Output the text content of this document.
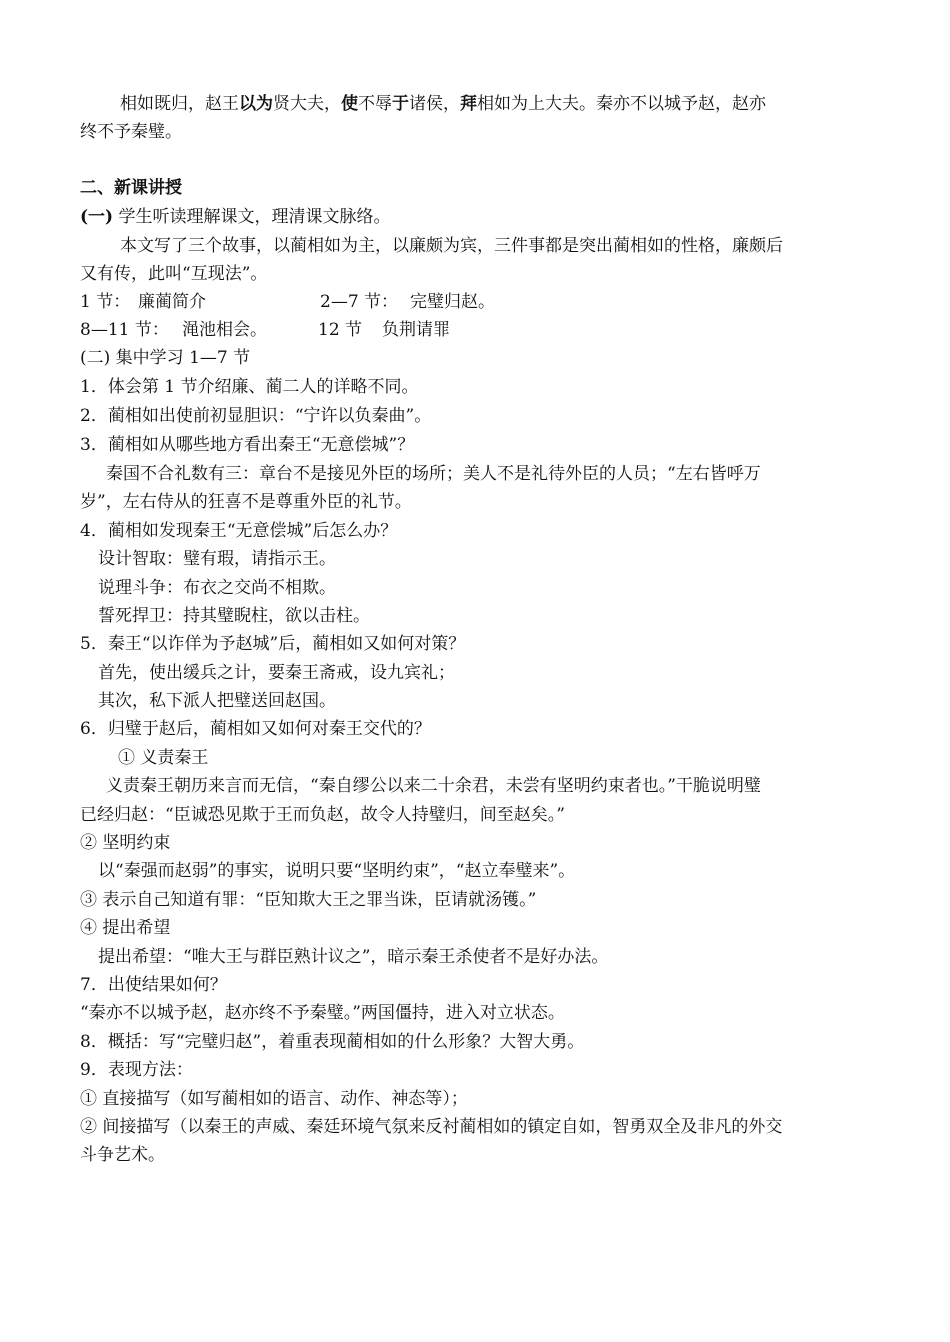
相如既归，赵王以为贤大夫，使不辱于诸侯，拜相如为上大夫。秦亦不以城予赵，赵亦
终不予秦璧。
二、新课讲授
(一) 学生听读理解课文，理清课文脉络。
本文写了三个故事，以蔺相如为主，以廉颇为宾，三件事都是突出蔺相如的性格，廉颇后
又有传，此叫“互现法”。
1 节： 廉蔺简介	2—7 节： 完璧归赵。
8—11 节： 渑池相会。	12 节 负荆请罪
(二) 集中学习 1—7 节
1．体会第 1 节介绍廉、蔺二人的详略不同。
2．蔺相如出使前初显胆识：“宁许以负秦曲”。
3．蔺相如从哪些地方看出秦王“无意偿城”？
秦国不合礼数有三：章台不是接见外臣的场所；美人不是礼待外臣的人员；“左右皆呼万
岁”，左右侍从的狂喜不是尊重外臣的礼节。
4．蔺相如发现秦王“无意偿城”后怎么办？
设计智取：璧有瑕，请指示王。
说理斗争：布衣之交尚不相欺。
誓死捍卫：持其璧睨柱，欲以击柱。
5．秦王“以诈佯为予赵城”后，蔺相如又如何对策？
首先，使出缓兵之计，要秦王斋戒，设九宾礼；
其次，私下派人把璧送回赵国。
6．归璧于赵后，蔺相如又如何对秦王交代的？
① 义责秦王
义责秦王朝历来言而无信，“秦自缪公以来二十余君，未尝有坚明约束者也。”干脆说明璧
已经归赵：“臣诚恐见欺于王而负赵，故令人持璧归，间至赵矣。”
② 坚明约束
以“秦强而赵弱”的事实，说明只要“坚明约束”，“赵立奉璧来”。
③ 表示自己知道有罪：“臣知欺大王之罪当诛，臣请就汤镬。”
④ 提出希望
提出希望：“唯大王与群臣熟计议之”，暗示秦王杀使者不是好办法。
7．出使结果如何？
“秦亦不以城予赵，赵亦终不予秦璧。”两国僵持，进入对立状态。
8．概括：写“完璧归赵”，着重表现蔺相如的什么形象？大智大勇。
9．表现方法：
① 直接描写（如写蔺相如的语言、动作、神态等）；
② 间接描写（以秦王的声威、秦廷环境气氛来反衬蔺相如的镇定自如，智勇双全及非凡的外交
斗争艺术。
